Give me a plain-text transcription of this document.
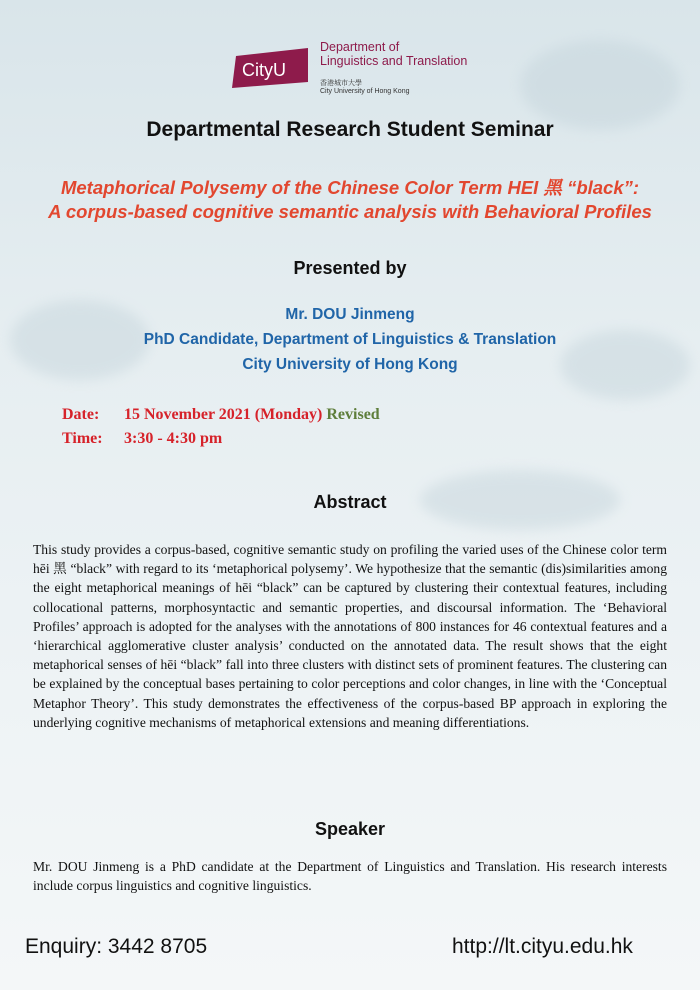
CityU
Department of
Linguistics and Translation
香港城市大學
City University of Hong Kong
Departmental Research Student Seminar
Metaphorical Polysemy of the Chinese Color Term HEI 黑 “black”:
A corpus-based cognitive semantic analysis with Behavioral Profiles
Presented by
Mr. DOU Jinmeng
PhD Candidate, Department of Linguistics & Translation
City University of Hong Kong
Date: 15 November 2021 (Monday) Revised
Time: 3:30 - 4:30 pm
Abstract
This study provides a corpus-based, cognitive semantic study on profiling the varied uses of the Chinese color term hēi 黑 “black” with regard to its ‘metaphorical polysemy’. We hypothesize that the semantic (dis)similarities among the eight metaphorical meanings of hēi “black” can be captured by clustering their contextual features, including collocational patterns, morphosyntactic and semantic properties, and discoursal information. The ‘Behavioral Profiles’ approach is adopted for the analyses with the annotations of 800 instances for 46 contextual features and a ‘hierarchical agglomerative cluster analysis’ conducted on the annotated data. The result shows that the eight metaphorical senses of hēi “black” fall into three clusters with distinct sets of prominent features. The clustering can be explained by the conceptual bases pertaining to color perceptions and color changes, in line with the ‘Conceptual Metaphor Theory’. This study demonstrates the effectiveness of the corpus-based BP approach in exploring the underlying cognitive mechanisms of metaphorical extensions and meaning differentiations.
Speaker
Mr. DOU Jinmeng is a PhD candidate at the Department of Linguistics and Translation. His research interests include corpus linguistics and cognitive linguistics.
Enquiry: 3442 8705	http://lt.cityu.edu.hk
